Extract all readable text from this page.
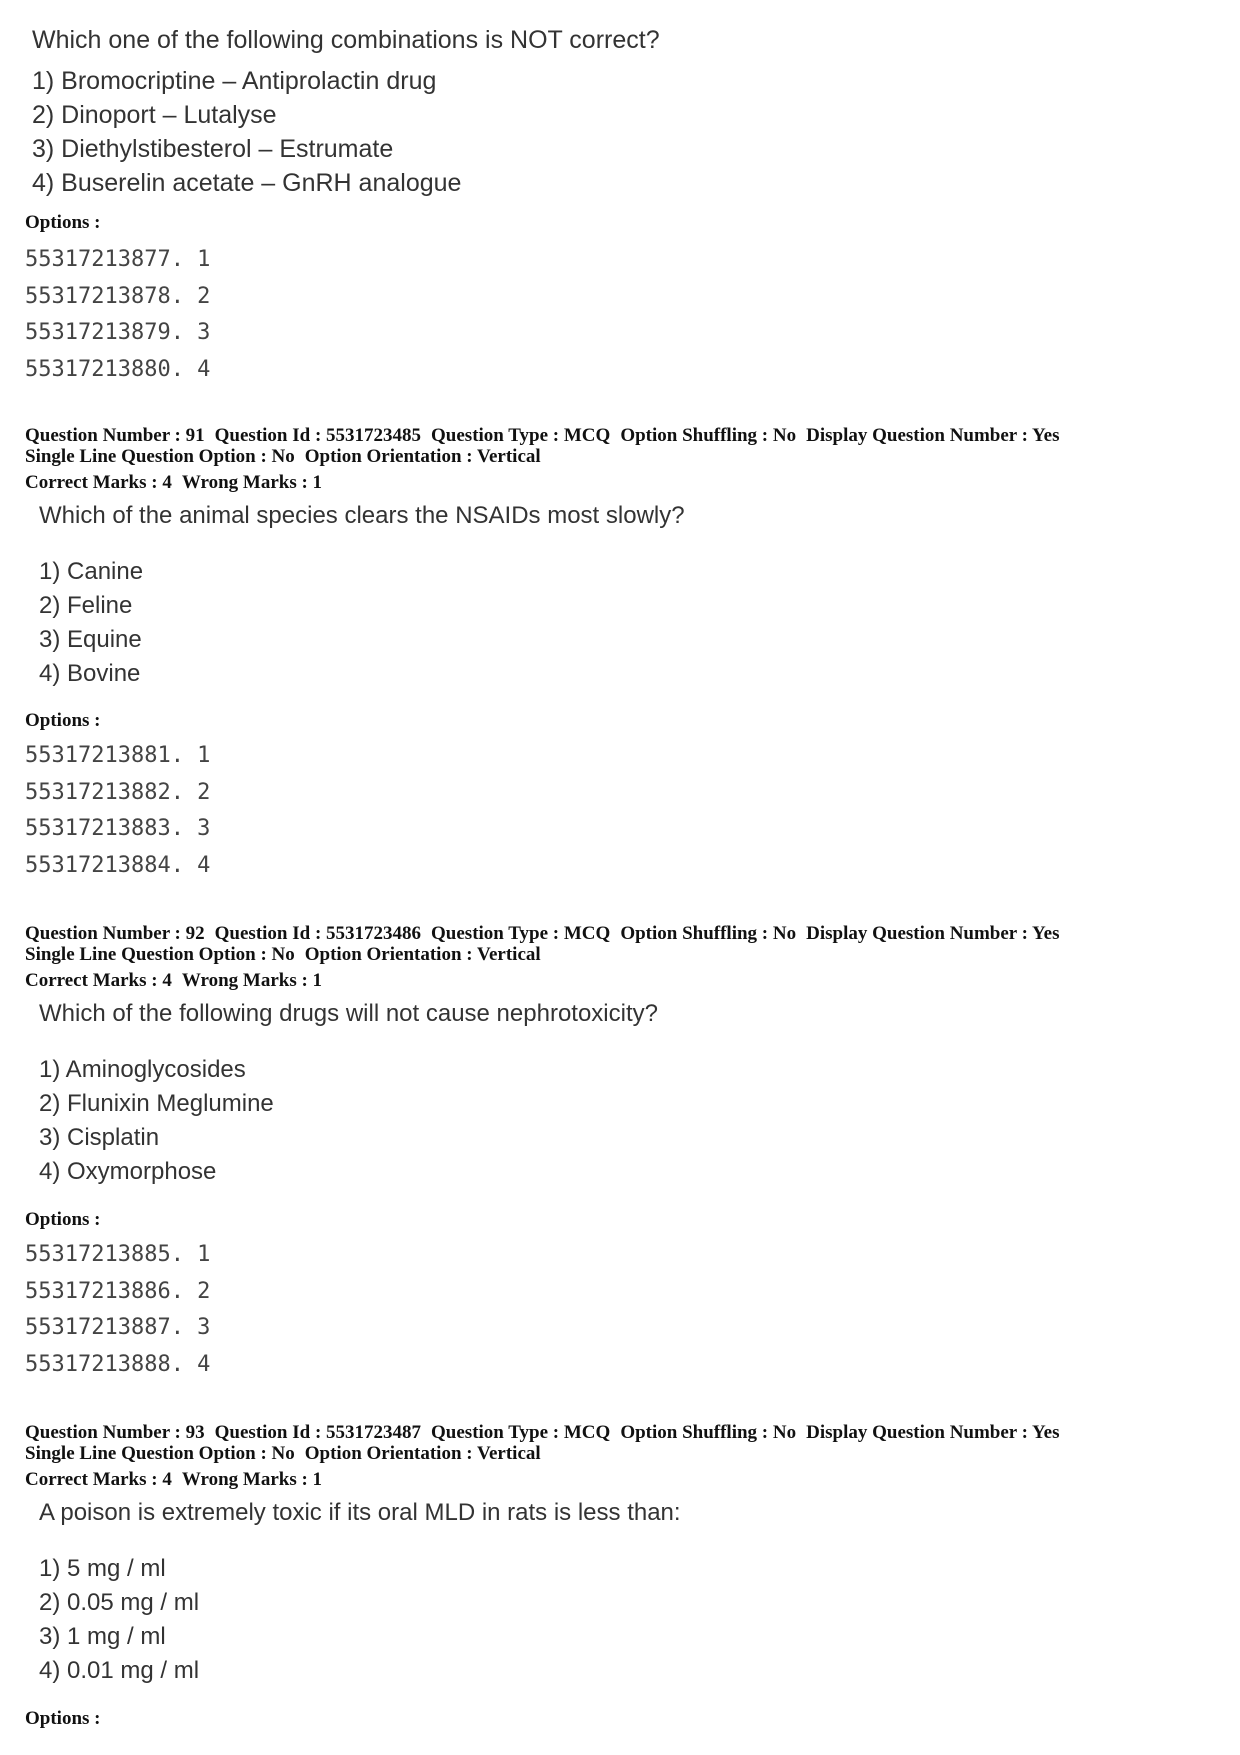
Which one of the following combinations is NOT correct?
1) Bromocriptine – Antiprolactin drug
2) Dinoport – Lutalyse
3) Diethylstibesterol – Estrumate
4) Buserelin acetate – GnRH analogue
Options :
55317213877. 1
55317213878. 2
55317213879. 3
55317213880. 4
Question Number : 91 Question Id : 5531723485 Question Type : MCQ Option Shuffling : No Display Question Number : Yes
Single Line Question Option : No Option Orientation : Vertical
Correct Marks : 4 Wrong Marks : 1
Which of the animal species clears the NSAIDs most slowly?
1) Canine
2) Feline
3) Equine
4) Bovine
Options :
55317213881. 1
55317213882. 2
55317213883. 3
55317213884. 4
Question Number : 92 Question Id : 5531723486 Question Type : MCQ Option Shuffling : No Display Question Number : Yes
Single Line Question Option : No Option Orientation : Vertical
Correct Marks : 4 Wrong Marks : 1
Which of the following drugs will not cause nephrotoxicity?
1) Aminoglycosides
2) Flunixin Meglumine
3) Cisplatin
4) Oxymorphose
Options :
55317213885. 1
55317213886. 2
55317213887. 3
55317213888. 4
Question Number : 93 Question Id : 5531723487 Question Type : MCQ Option Shuffling : No Display Question Number : Yes
Single Line Question Option : No Option Orientation : Vertical
Correct Marks : 4 Wrong Marks : 1
A poison is extremely toxic if its oral MLD in rats is less than:
1) 5 mg / ml
2) 0.05 mg / ml
3) 1 mg / ml
4) 0.01 mg / ml
Options :
